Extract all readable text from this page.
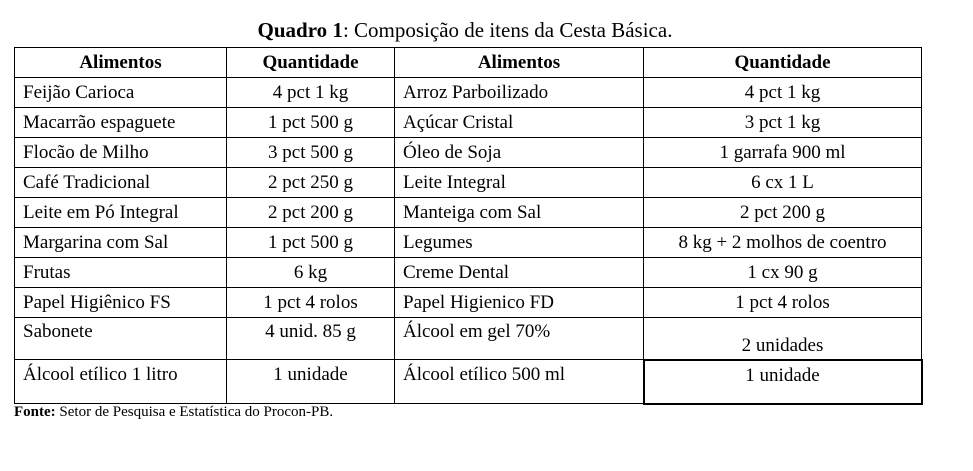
Quadro 1: Composição de itens da Cesta Básica.
Alimentos	Quantidade	Alimentos	Quantidade
Feijão Carioca	4 pct 1 kg	Arroz Parboilizado	4 pct 1 kg
Macarrão espaguete	1 pct 500 g	Açúcar Cristal	3 pct 1 kg
Flocão de Milho	3 pct 500 g	Óleo de Soja	1 garrafa 900 ml
Café Tradicional	2 pct 250 g	Leite Integral	6 cx 1 L
Leite em Pó Integral	2 pct 200 g	Manteiga com Sal	2 pct 200 g
Margarina com Sal	1 pct 500 g	Legumes	8 kg + 2 molhos de coentro
Frutas	6 kg	Creme Dental	1 cx 90 g
Papel Higiênico FS	1 pct 4 rolos	Papel Higienico FD	1 pct 4 rolos
Sabonete	4 unid. 85 g	Álcool em gel 70%	2 unidades
Álcool etílico 1 litro	1 unidade	Álcool etílico 500 ml	1 unidade
Fonte: Setor de Pesquisa e Estatística do Procon-PB.
